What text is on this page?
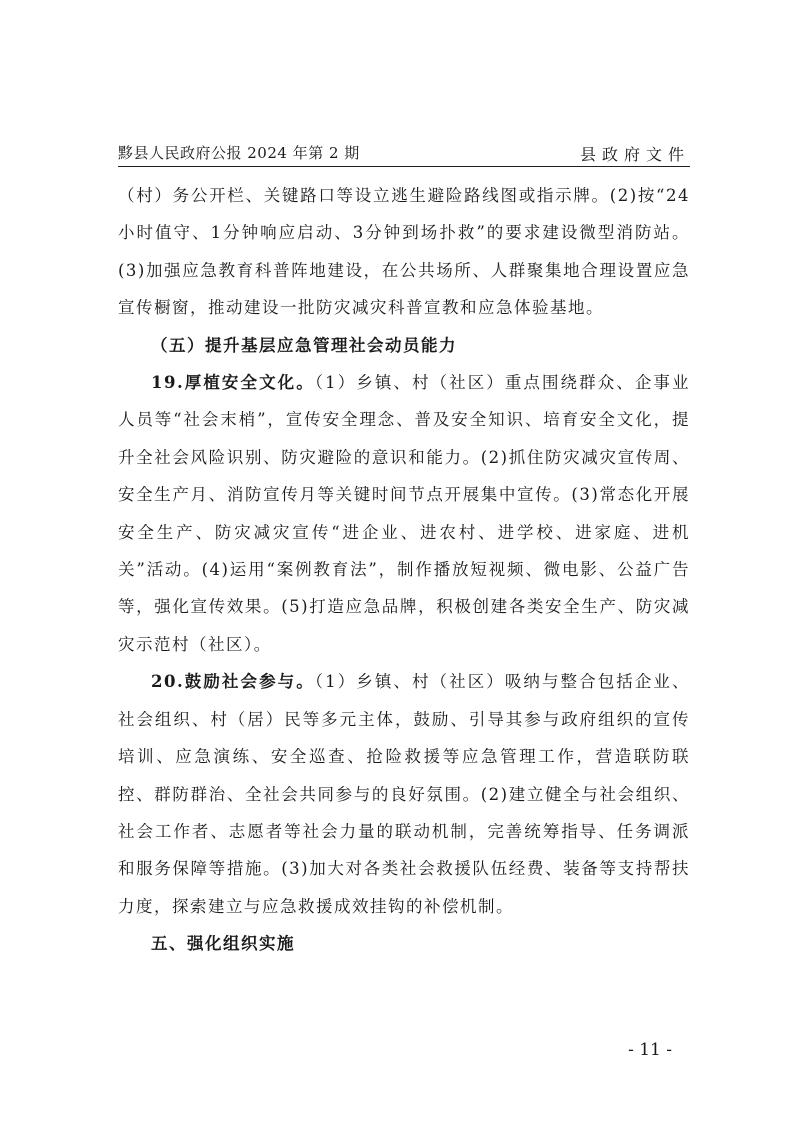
黟县人民政府公报 2024 年第 2 期	县政府文件

（村）务公开栏、关键路口等设立逃生避险路线图或指示牌。(2)按“24小时值守、1分钟响应启动、3分钟到场扑救”的要求建设微型消防站。(3)加强应急教育科普阵地建设，在公共场所、人群聚集地合理设置应急宣传橱窗，推动建设一批防灾减灾科普宣教和应急体验基地。

（五）提升基层应急管理社会动员能力

19.厚植安全文化。（1）乡镇、村（社区）重点围绕群众、企事业人员等“社会末梢”，宣传安全理念、普及安全知识、培育安全文化，提升全社会风险识别、防灾避险的意识和能力。(2)抓住防灾减灾宣传周、安全生产月、消防宣传月等关键时间节点开展集中宣传。(3)常态化开展安全生产、防灾减灾宣传“进企业、进农村、进学校、进家庭、进机关”活动。(4)运用“案例教育法”，制作播放短视频、微电影、公益广告等，强化宣传效果。(5)打造应急品牌，积极创建各类安全生产、防灾减灾示范村（社区）。

20.鼓励社会参与。（1）乡镇、村（社区）吸纳与整合包括企业、社会组织、村（居）民等多元主体，鼓励、引导其参与政府组织的宣传培训、应急演练、安全巡查、抢险救援等应急管理工作，营造联防联控、群防群治、全社会共同参与的良好氛围。(2)建立健全与社会组织、社会工作者、志愿者等社会力量的联动机制，完善统筹指导、任务调派和服务保障等措施。(3)加大对各类社会救援队伍经费、装备等支持帮扶力度，探索建立与应急救援成效挂钩的补偿机制。

五、强化组织实施

- 11 -
